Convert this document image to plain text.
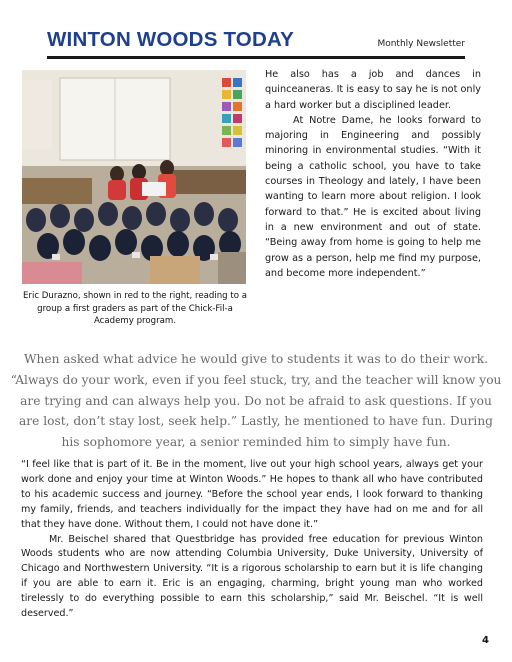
WINTON WOODS TODAY	Monthly Newsletter
Eric Durazno, shown in red to the right, reading to a group a first graders as part of the Chick-Fil-a Academy program.

He also has a job and dances in quinceaneras. It is easy to say he is not only a hard worker but a disciplined leader.

At Notre Dame, he looks forward to majoring in Engineering and possibly minoring in environmental studies. “With it being a catholic school, you have to take courses in Theology and lately, I have been wanting to learn more about religion. I look forward to that.” He is excited about living in a new environment and out of state. “Being away from home is going to help me grow as a person, help me find my purpose, and become more independent.”

When asked what advice he would give to students it was to do their work. “Always do your work, even if you feel stuck, try, and the teacher will know you are trying and can always help you. Do not be afraid to ask questions. If you are lost, don’t stay lost, seek help.” Lastly, he mentioned to have fun. During his sophomore year, a senior reminded him to simply have fun.

“I feel like that is part of it. Be in the moment, live out your high school years, always get your work done and enjoy your time at Winton Woods.” He hopes to thank all who have contributed to his academic success and journey. “Before the school year ends, I look forward to thanking my family, friends, and teachers individually for the impact they have had on me and for all that they have done. Without them, I could not have done it.”

Mr. Beischel shared that Questbridge has provided free education for previous Winton Woods students who are now attending Columbia University, Duke University, University of Chicago and Northwestern University. “It is a rigorous scholarship to earn but it is life changing if you are able to earn it. Eric is an engaging, charming, bright young man who worked tirelessly to do everything possible to earn this scholarship,” said Mr. Beischel. “It is well deserved.”

4
